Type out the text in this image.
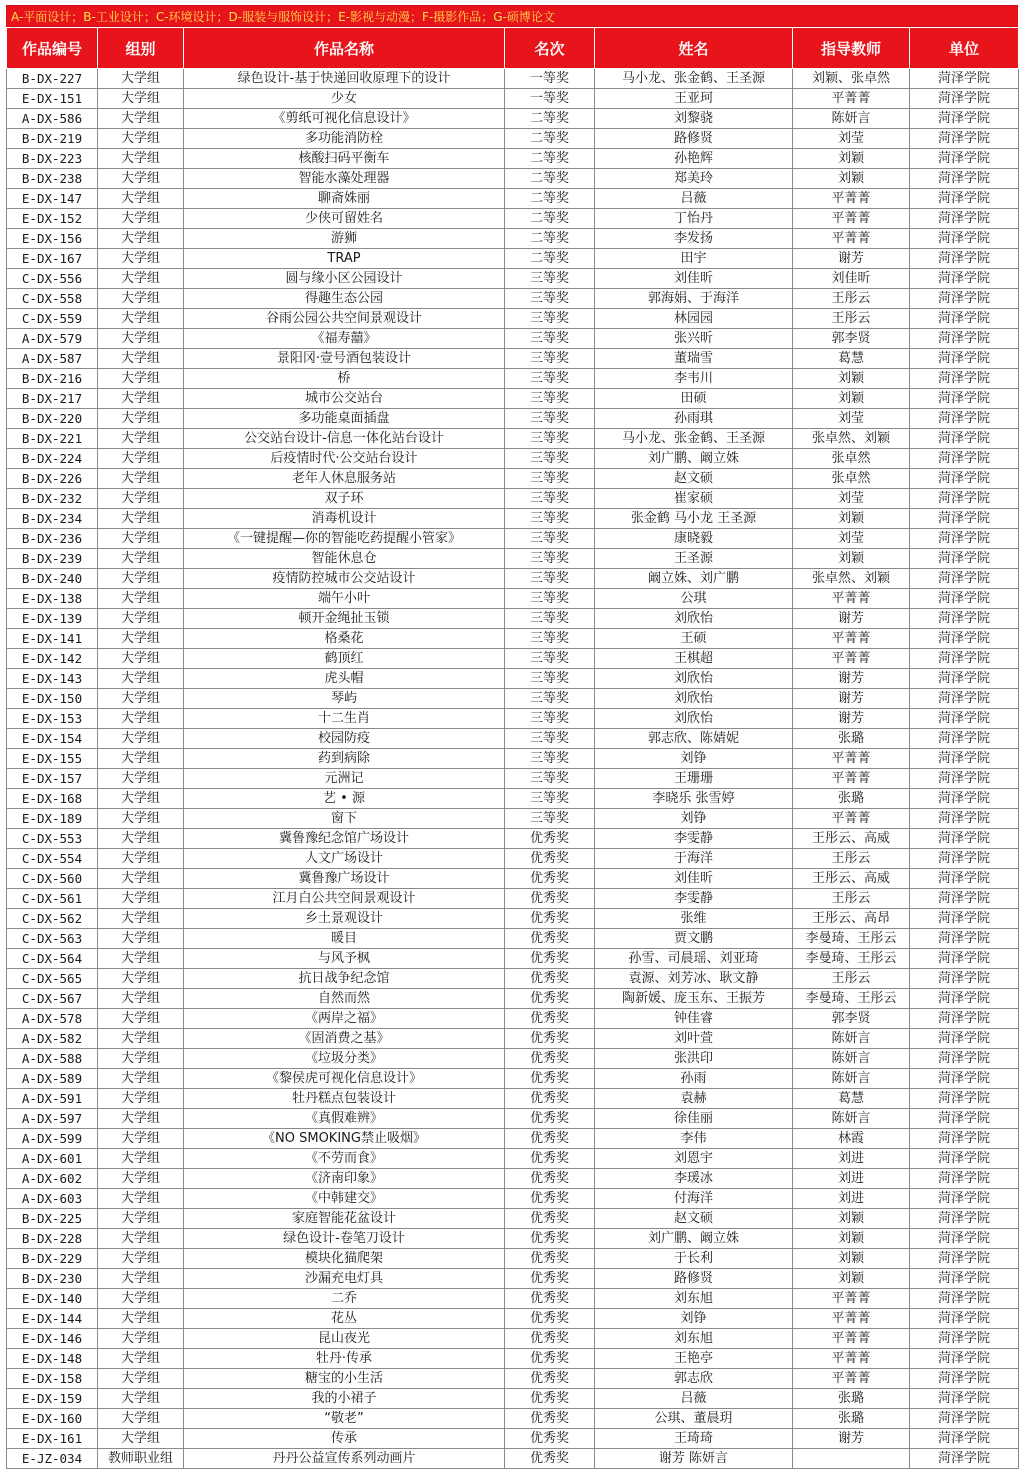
A-平面设计；B-工业设计；C-环境设计；D-服装与服饰设计；E-影视与动漫；F-摄影作品；G-硕博论文
作品编号	组别	作品名称	名次	姓名	指导教师	单位
B-DX-227	大学组	绿色设计-基于快递回收原理下的设计	一等奖	马小龙、张金鹤、王圣源	刘颖、张卓然	菏泽学院
E-DX-151	大学组	少女	一等奖	王亚珂	平菁菁	菏泽学院
A-DX-586	大学组	《剪纸可视化信息设计》	二等奖	刘黎骁	陈妍言	菏泽学院
B-DX-219	大学组	多功能消防栓	二等奖	路修贤	刘莹	菏泽学院
B-DX-223	大学组	核酸扫码平衡车	二等奖	孙艳辉	刘颖	菏泽学院
B-DX-238	大学组	智能水藻处理器	二等奖	郑美玲	刘颖	菏泽学院
E-DX-147	大学组	聊斋姝丽	二等奖	吕薇	平菁菁	菏泽学院
E-DX-152	大学组	少侠可留姓名	二等奖	丁怡丹	平菁菁	菏泽学院
E-DX-156	大学组	游狮	二等奖	李发扬	平菁菁	菏泽学院
E-DX-167	大学组	TRAP	二等奖	田宇	谢芳	菏泽学院
C-DX-556	大学组	圆与缘小区公园设计	三等奖	刘佳昕	刘佳昕	菏泽学院
C-DX-558	大学组	得趣生态公园	三等奖	郭海娟、于海洋	王彤云	菏泽学院
C-DX-559	大学组	谷雨公园公共空间景观设计	三等奖	林园园	王彤云	菏泽学院
A-DX-579	大学组	《福寿囍》	三等奖	张兴昕	郭李贤	菏泽学院
A-DX-587	大学组	景阳冈·壹号酒包装设计	三等奖	董瑞雪	葛慧	菏泽学院
B-DX-216	大学组	桥	三等奖	李韦川	刘颖	菏泽学院
B-DX-217	大学组	城市公交站台	三等奖	田硕	刘颖	菏泽学院
B-DX-220	大学组	多功能桌面插盘	三等奖	孙雨琪	刘莹	菏泽学院
B-DX-221	大学组	公交站台设计-信息一体化站台设计	三等奖	马小龙、张金鹤、王圣源	张卓然、刘颖	菏泽学院
B-DX-224	大学组	后疫情时代·公交站台设计	三等奖	刘广鹏、阚立姝	张卓然	菏泽学院
B-DX-226	大学组	老年人休息服务站	三等奖	赵文硕	张卓然	菏泽学院
B-DX-232	大学组	双子环	三等奖	崔家硕	刘莹	菏泽学院
B-DX-234	大学组	消毒机设计	三等奖	张金鹤 马小龙 王圣源	刘颖	菏泽学院
B-DX-236	大学组	《一键提醒—你的智能吃药提醒小管家》	三等奖	康晓毅	刘莹	菏泽学院
B-DX-239	大学组	智能休息仓	三等奖	王圣源	刘颖	菏泽学院
B-DX-240	大学组	疫情防控城市公交站设计	三等奖	阚立姝、刘广鹏	张卓然、刘颖	菏泽学院
E-DX-138	大学组	端午小叶	三等奖	公琪	平菁菁	菏泽学院
E-DX-139	大学组	顿开金绳扯玉锁	三等奖	刘欣怡	谢芳	菏泽学院
E-DX-141	大学组	格桑花	三等奖	王硕	平菁菁	菏泽学院
E-DX-142	大学组	鹤顶红	三等奖	王棋超	平菁菁	菏泽学院
E-DX-143	大学组	虎头帽	三等奖	刘欣怡	谢芳	菏泽学院
E-DX-150	大学组	琴屿	三等奖	刘欣怡	谢芳	菏泽学院
E-DX-153	大学组	十二生肖	三等奖	刘欣怡	谢芳	菏泽学院
E-DX-154	大学组	校园防疫	三等奖	郭志欣、陈婧妮	张璐	菏泽学院
E-DX-155	大学组	药到病除	三等奖	刘铮	平菁菁	菏泽学院
E-DX-157	大学组	元洲记	三等奖	王珊珊	平菁菁	菏泽学院
E-DX-168	大学组	艺 • 源	三等奖	李晓乐 张雪婷	张璐	菏泽学院
E-DX-189	大学组	窗下	三等奖	刘铮	平菁菁	菏泽学院
C-DX-553	大学组	冀鲁豫纪念馆广场设计	优秀奖	李雯静	王彤云、高威	菏泽学院
C-DX-554	大学组	人文广场设计	优秀奖	于海洋	王彤云	菏泽学院
C-DX-560	大学组	冀鲁豫广场设计	优秀奖	刘佳昕	王彤云、高威	菏泽学院
C-DX-561	大学组	江月白公共空间景观设计	优秀奖	李雯静	王彤云	菏泽学院
C-DX-562	大学组	乡土景观设计	优秀奖	张维	王彤云、高昂	菏泽学院
C-DX-563	大学组	暖目	优秀奖	贾文鹏	李曼琦、王彤云	菏泽学院
C-DX-564	大学组	与风予枫	优秀奖	孙雪、司晨瑶、刘亚琦	李曼琦、王彤云	菏泽学院
C-DX-565	大学组	抗日战争纪念馆	优秀奖	袁源、刘芳冰、耿文静	王彤云	菏泽学院
C-DX-567	大学组	自然而然	优秀奖	陶新媛、庞玉东、王振芳	李曼琦、王彤云	菏泽学院
A-DX-578	大学组	《两岸之福》	优秀奖	钟佳睿	郭李贤	菏泽学院
A-DX-582	大学组	《固消费之基》	优秀奖	刘叶萱	陈妍言	菏泽学院
A-DX-588	大学组	《垃圾分类》	优秀奖	张洪印	陈妍言	菏泽学院
A-DX-589	大学组	《黎侯虎可视化信息设计》	优秀奖	孙雨	陈妍言	菏泽学院
A-DX-591	大学组	牡丹糕点包装设计	优秀奖	袁赫	葛慧	菏泽学院
A-DX-597	大学组	《真假难辨》	优秀奖	徐佳丽	陈妍言	菏泽学院
A-DX-599	大学组	《NO SMOKING禁止吸烟》	优秀奖	李伟	林霞	菏泽学院
A-DX-601	大学组	《不劳而食》	优秀奖	刘恩宇	刘进	菏泽学院
A-DX-602	大学组	《济南印象》	优秀奖	李瑗冰	刘进	菏泽学院
A-DX-603	大学组	《中韩建交》	优秀奖	付海洋	刘进	菏泽学院
B-DX-225	大学组	家庭智能花盆设计	优秀奖	赵文硕	刘颖	菏泽学院
B-DX-228	大学组	绿色设计-卷笔刀设计	优秀奖	刘广鹏、阚立姝	刘颖	菏泽学院
B-DX-229	大学组	模块化猫爬架	优秀奖	于长利	刘颖	菏泽学院
B-DX-230	大学组	沙漏充电灯具	优秀奖	路修贤	刘颖	菏泽学院
E-DX-140	大学组	二乔	优秀奖	刘东旭	平菁菁	菏泽学院
E-DX-144	大学组	花丛	优秀奖	刘铮	平菁菁	菏泽学院
E-DX-146	大学组	昆山夜光	优秀奖	刘东旭	平菁菁	菏泽学院
E-DX-148	大学组	牡丹·传承	优秀奖	王艳亭	平菁菁	菏泽学院
E-DX-158	大学组	糖宝的小生活	优秀奖	郭志欣	平菁菁	菏泽学院
E-DX-159	大学组	我的小裙子	优秀奖	吕薇	张璐	菏泽学院
E-DX-160	大学组	“敬老”	优秀奖	公琪、董晨玥	张璐	菏泽学院
E-DX-161	大学组	传承	优秀奖	王琦琦	谢芳	菏泽学院
E-JZ-034	教师职业组	丹丹公益宣传系列动画片	优秀奖	谢芳 陈妍言		菏泽学院
